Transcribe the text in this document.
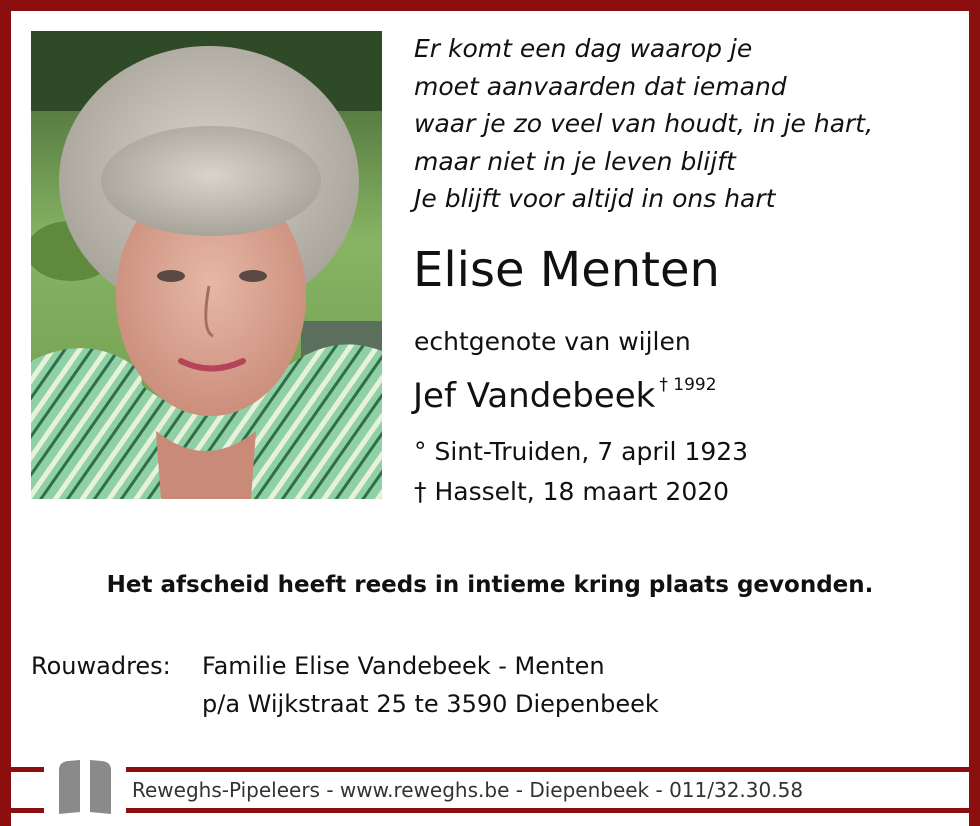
Er komt een dag waarop je
moet aanvaarden dat iemand
waar je zo veel van houdt, in je hart,
maar niet in je leven blijft
Je blijft voor altijd in ons hart
Elise Menten
echtgenote van wijlen
Jef Vandebeek $^{\dagger 1992}$
° Sint-Truiden, 7 april 1923
† Hasselt, 18 maart 2020
Het afscheid heeft reeds in intieme kring plaats gevonden.
Rouwadres: Familie Elise Vandebeek - Menten
p/a Wijkstraat 25 te 3590 Diepenbeek
Reweghs-Pipeleers - www.reweghs.be - Diepenbeek - 011/32.30.58
